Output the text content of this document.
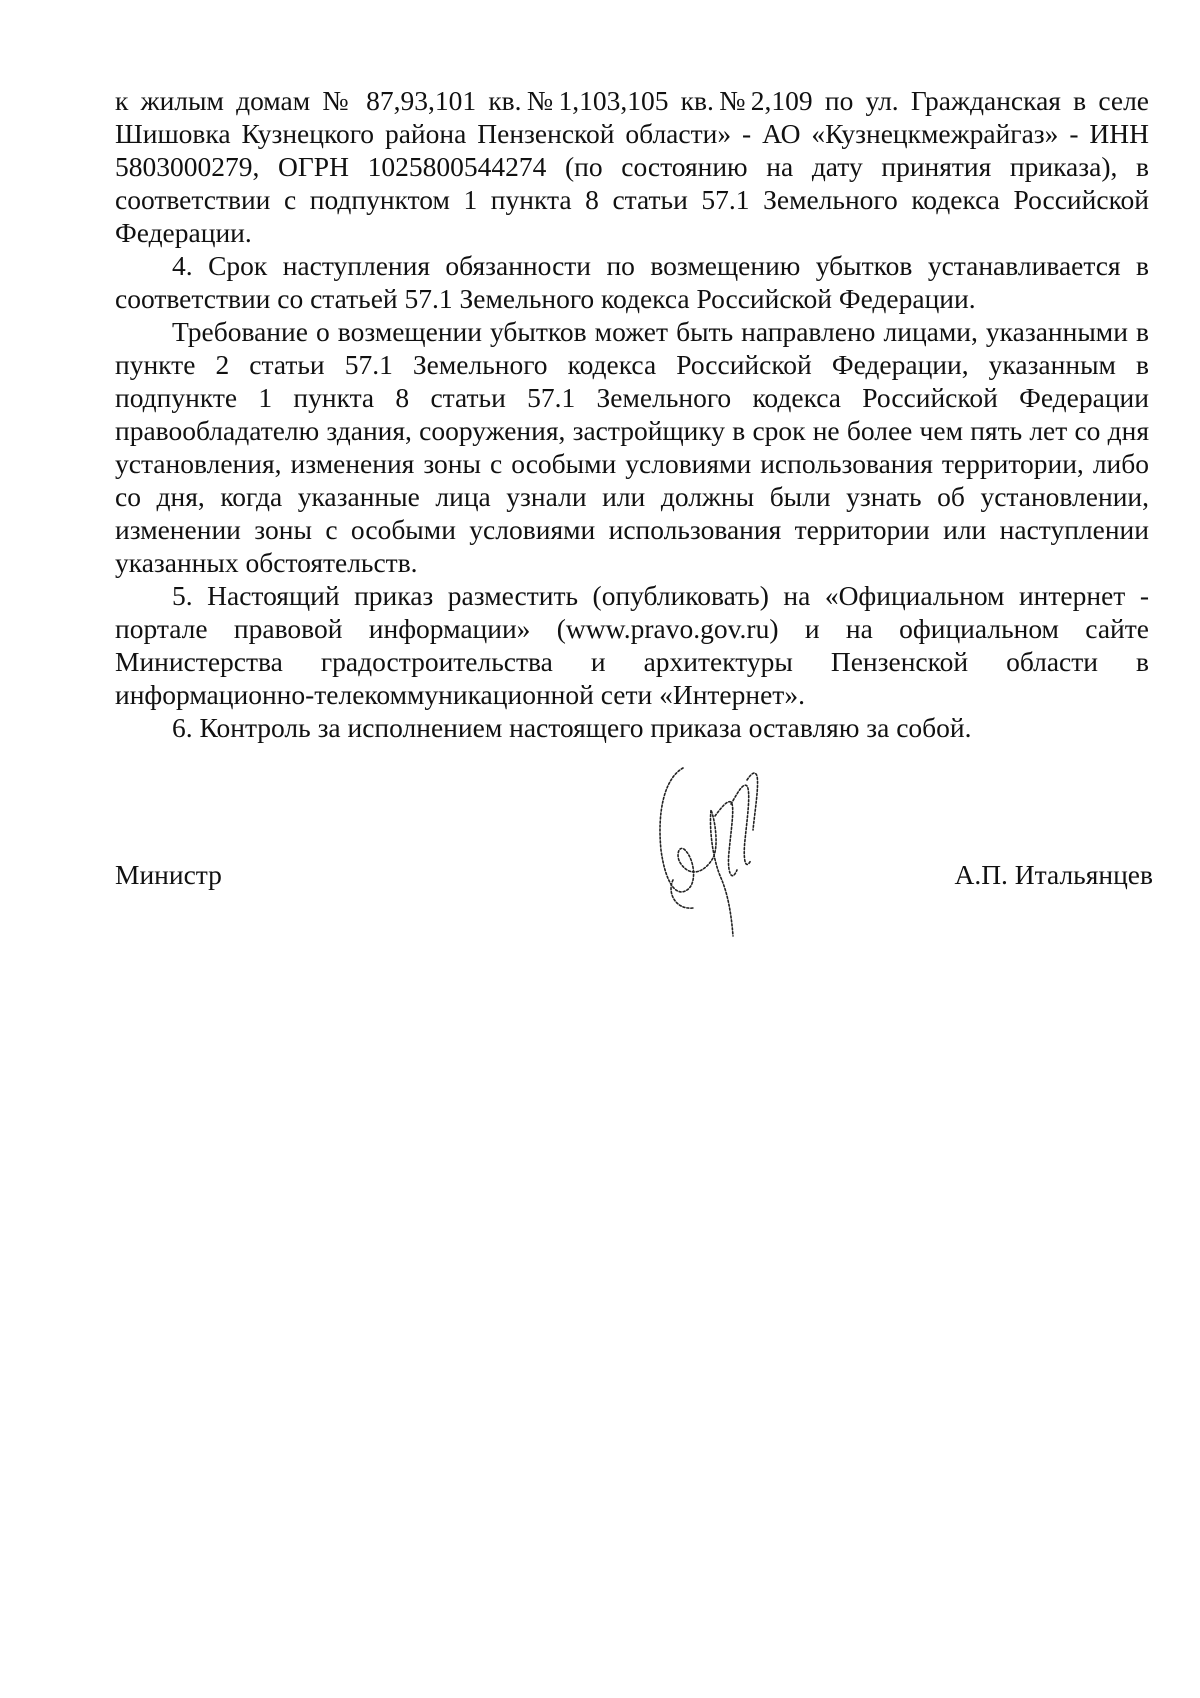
к жилым домам № 87,93,101 кв.№1,103,105 кв.№2,109 по ул. Гражданская в селе Шишовка Кузнецкого района Пензенской области» - АО «Кузнецкмежрайгаз» - ИНН 5803000279, ОГРН 1025800544274 (по состоянию на дату принятия приказа), в соответствии с подпунктом 1 пункта 8 статьи 57.1 Земельного кодекса Российской Федерации.

4. Срок наступления обязанности по возмещению убытков устанавливается в соответствии со статьей 57.1 Земельного кодекса Российской Федерации.

Требование о возмещении убытков может быть направлено лицами, указанными в пункте 2 статьи 57.1 Земельного кодекса Российской Федерации, указанным в подпункте 1 пункта 8 статьи 57.1 Земельного кодекса Российской Федерации правообладателю здания, сооружения, застройщику в срок не более чем пять лет со дня установления, изменения зоны с особыми условиями использования территории, либо со дня, когда указанные лица узнали или должны были узнать об установлении, изменении зоны с особыми условиями использования территории или наступлении указанных обстоятельств.

5. Настоящий приказ разместить (опубликовать) на «Официальном интернет - портале правовой информации» (www.pravo.gov.ru) и на официальном сайте Министерства градостроительства и архитектуры Пензенской области в информационно-телекоммуникационной сети «Интернет».

6. Контроль за исполнением настоящего приказа оставляю за собой.

Министр	А.П. Итальянцев
